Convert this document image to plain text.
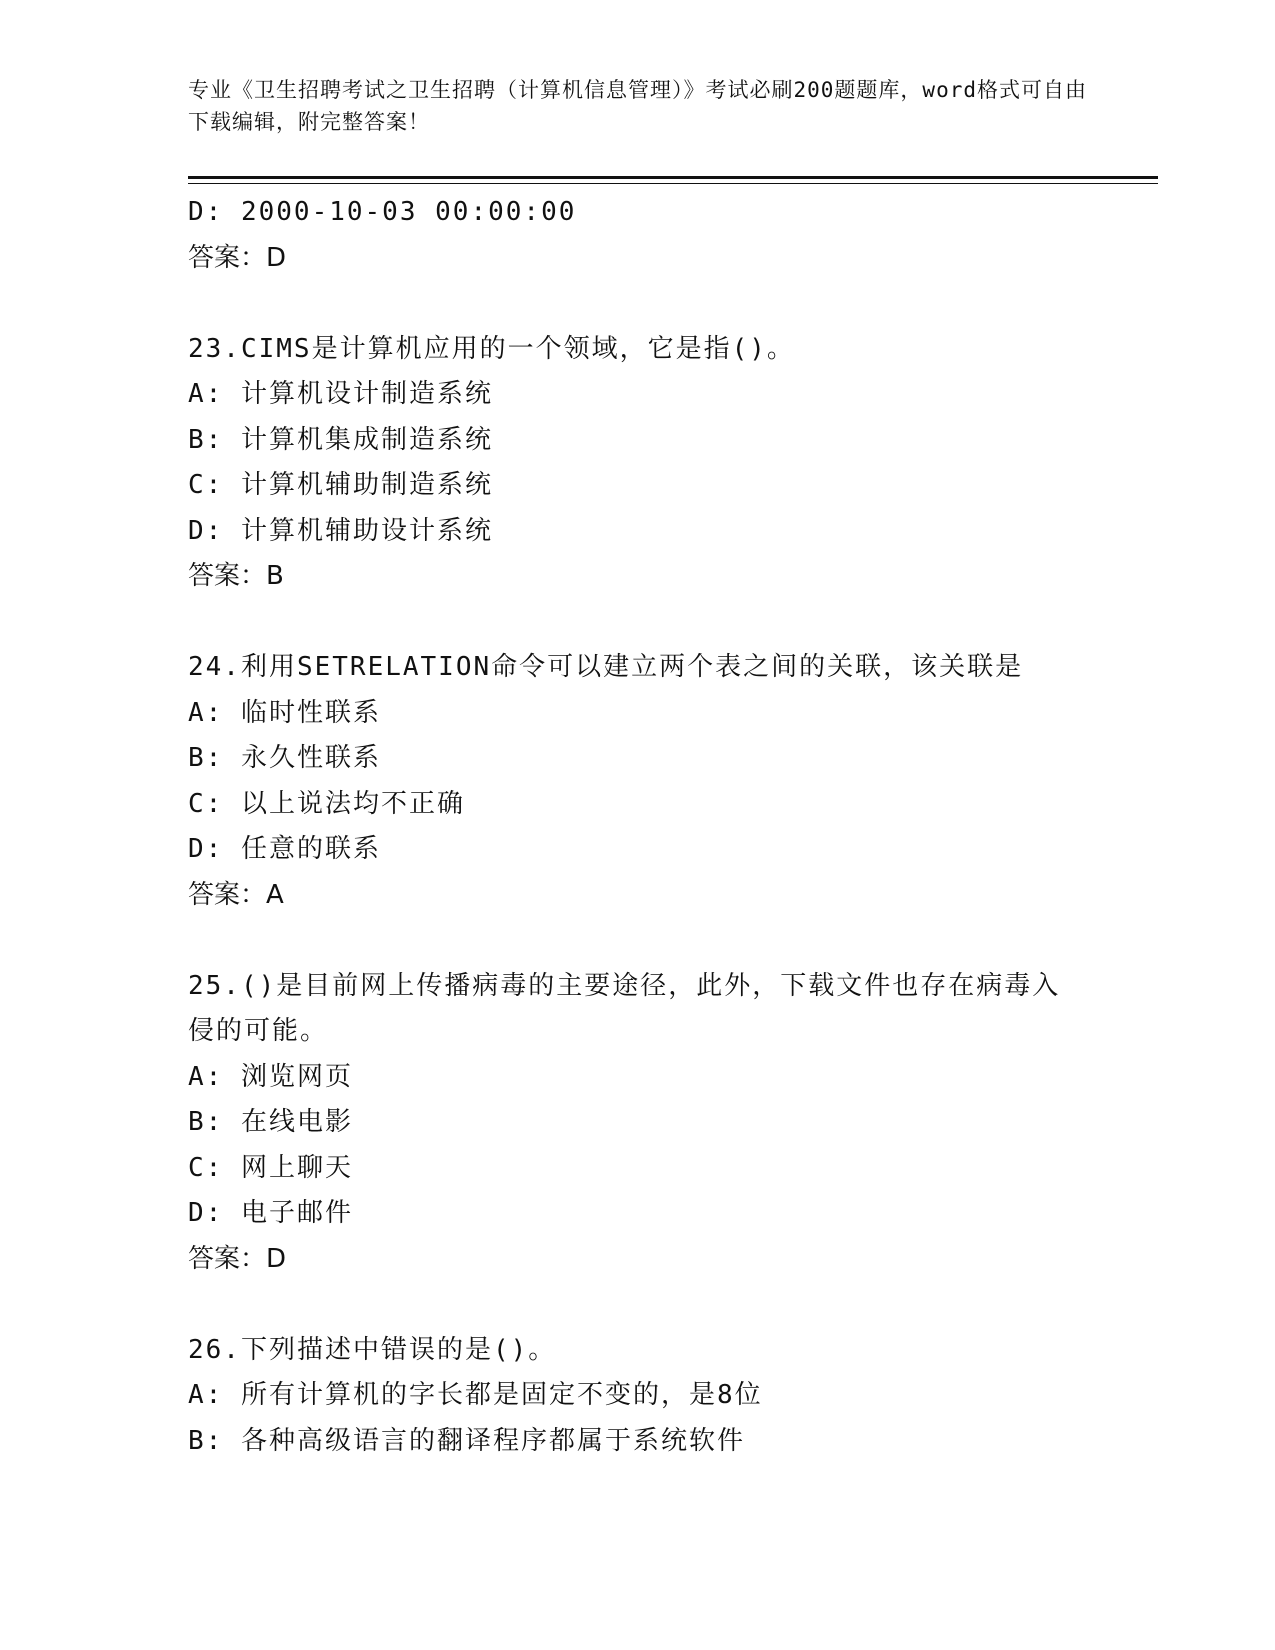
专业《卫生招聘考试之卫生招聘（计算机信息管理）》考试必刷200题题库，word格式可自由下载编辑，附完整答案！
D: 2000-10-03 00:00:00
答案：D
23.CIMS是计算机应用的一个领域，它是指()。
A: 计算机设计制造系统
B: 计算机集成制造系统
C: 计算机辅助制造系统
D: 计算机辅助设计系统
答案：B
24.利用SETRELATION命令可以建立两个表之间的关联，该关联是
A: 临时性联系
B: 永久性联系
C: 以上说法均不正确
D: 任意的联系
答案：A
25.()是目前网上传播病毒的主要途径，此外，下载文件也存在病毒入侵的可能。
A: 浏览网页
B: 在线电影
C: 网上聊天
D: 电子邮件
答案：D
26.下列描述中错误的是()。
A: 所有计算机的字长都是固定不变的，是8位
B: 各种高级语言的翻译程序都属于系统软件
